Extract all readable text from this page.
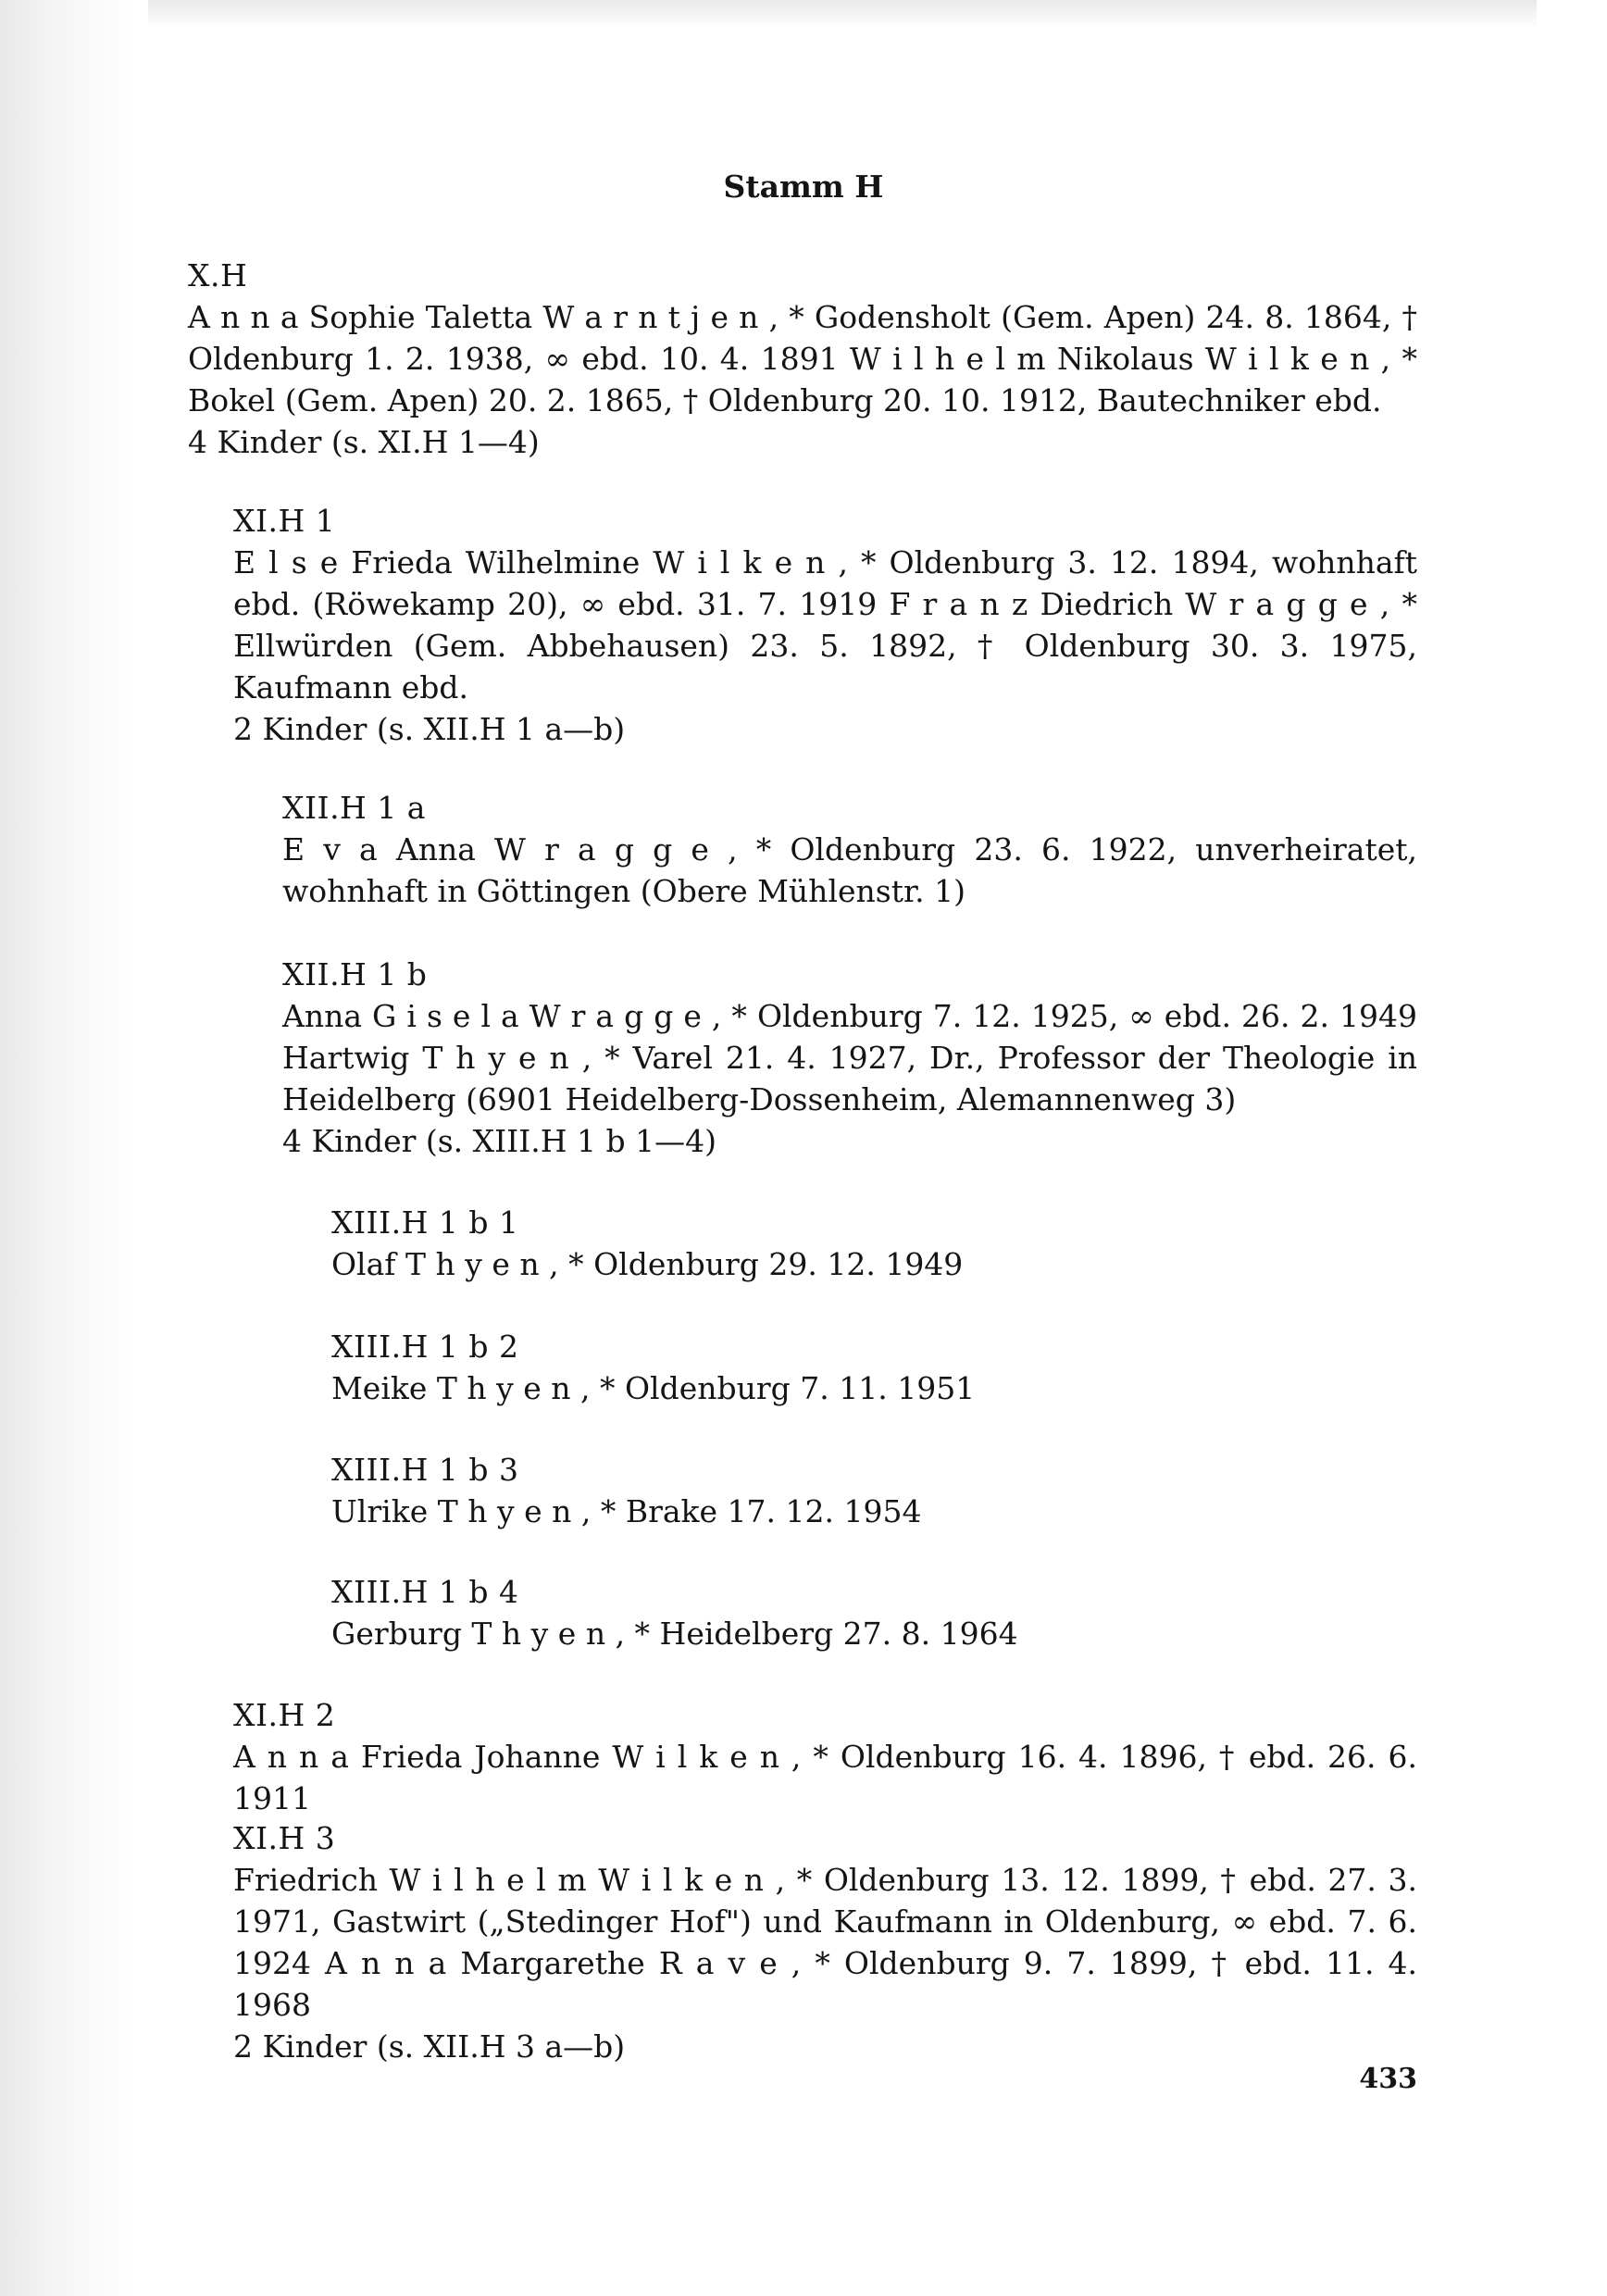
Stamm H
X.H

A n n a Sophie Taletta W a r n t j e n , * Godensholt (Gem. Apen) 24. 8. 1864, † Oldenburg 1. 2. 1938, ∞ ebd. 10. 4. 1891 W i l h e l m Nikolaus W i l k e n , * Bokel (Gem. Apen) 20. 2. 1865, † Oldenburg 20. 10. 1912, Bautechniker ebd.

4 Kinder (s. XI.H 1—4)

XI.H 1

E l s e Frieda Wilhelmine W i l k e n , * Oldenburg 3. 12. 1894, wohnhaft ebd. (Röwekamp 20), ∞ ebd. 31. 7. 1919 F r a n z Diedrich W r a g g e , * Ellwürden (Gem. Abbehausen) 23. 5. 1892, † Oldenburg 30. 3. 1975, Kaufmann ebd.

2 Kinder (s. XII.H 1 a—b)

XII.H 1 a

E v a Anna W r a g g e , * Oldenburg 23. 6. 1922, unverheiratet, wohnhaft in Göttingen (Obere Mühlenstr. 1)

XII.H 1 b

Anna G i s e l a W r a g g e , * Oldenburg 7. 12. 1925, ∞ ebd. 26. 2. 1949 Hartwig T h y e n , * Varel 21. 4. 1927, Dr., Professor der Theologie in Heidelberg (6901 Heidelberg-Dossenheim, Alemannenweg 3)

4 Kinder (s. XIII.H 1 b 1—4)

XIII.H 1 b 1

Olaf T h y e n , * Oldenburg 29. 12. 1949

XIII.H 1 b 2

Meike T h y e n , * Oldenburg 7. 11. 1951

XIII.H 1 b 3

Ulrike T h y e n , * Brake 17. 12. 1954

XIII.H 1 b 4

Gerburg T h y e n , * Heidelberg 27. 8. 1964

XI.H 2

A n n a Frieda Johanne W i l k e n , * Oldenburg 16. 4. 1896, † ebd. 26. 6. 1911

XI.H 3

Friedrich W i l h e l m W i l k e n , * Oldenburg 13. 12. 1899, † ebd. 27. 3. 1971, Gastwirt („Stedinger Hof") und Kaufmann in Oldenburg, ∞ ebd. 7. 6. 1924 A n n a Margarethe R a v e , * Oldenburg 9. 7. 1899, † ebd. 11. 4. 1968

2 Kinder (s. XII.H 3 a—b)

433
